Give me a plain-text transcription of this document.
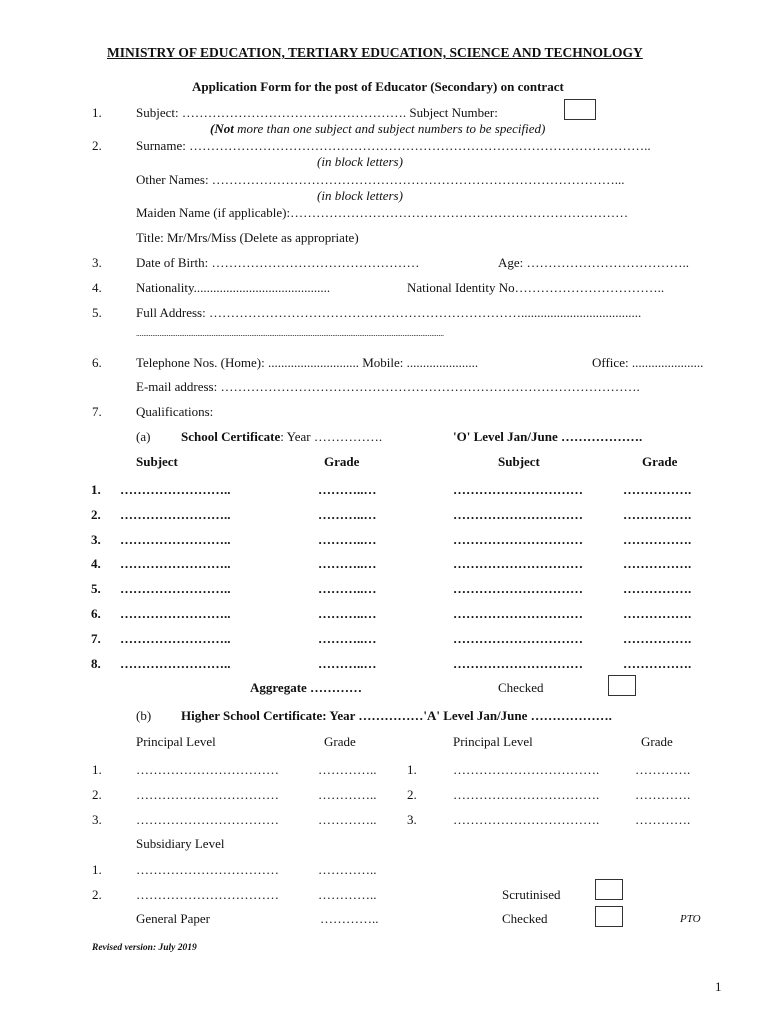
MINISTRY OF EDUCATION, TERTIARY EDUCATION, SCIENCE AND TECHNOLOGY
Application Form for the post of Educator (Secondary) on contract
1.	Subject: ……………………………………………. Subject Number:
(Not more than one subject and subject numbers to be specified)
2.	Surname: ……………………………………………………………………………………………..
(in block letters)
Other Names: …………………………………………………………………………………...
(in block letters)
Maiden Name (if applicable):……………………………………………………………………
Title: Mr/Mrs/Miss (Delete as appropriate)
3.	Date of Birth: …………………………………………	Age: ………………………………..
4.	Nationality..........................................	National Identity No……………………………..
5.	Full Address: ……………………………………………………………….....................................
...........................................................................................................................................................................
6.	Telephone Nos. (Home): ............................ Mobile: ......................	Office: ......................
E-mail address: …………………………………………………………………………………….
7.	Qualifications:
(a) School Certificate: Year …………….	'O' Level Jan/June ……………….
Subject	Grade	Subject	Grade
1. ……………………..	………..…	…………………………	…………….
2. ……………………..	………..…	…………………………	…………….
3. ……………………..	………..…	…………………………	…………….
4. ……………………..	………..…	…………………………	…………….
5. ……………………..	………..…	…………………………	…………….
6. ……………………..	………..…	…………………………	…………….
7. ……………………..	………..…	…………………………	…………….
8. ……………………..	………..…	…………………………	…………….
Aggregate …………	Checked
(b) Higher School Certificate: Year ……………'A' Level Jan/June ……………….
Principal Level	Grade	Principal Level	Grade
1.	……………………………	………….. 1.	…………………………….	………….
2.	……………………………	………….. 2.	…………………………….	………….
3.	……………………………	………….. 3.	…………………………….	………….
Subsidiary Level
1.	……………………………	…………..
2.	……………………………	…………..
General Paper	…………..
Scrutinised
Checked	PTO
Revised version: July 2019
1
